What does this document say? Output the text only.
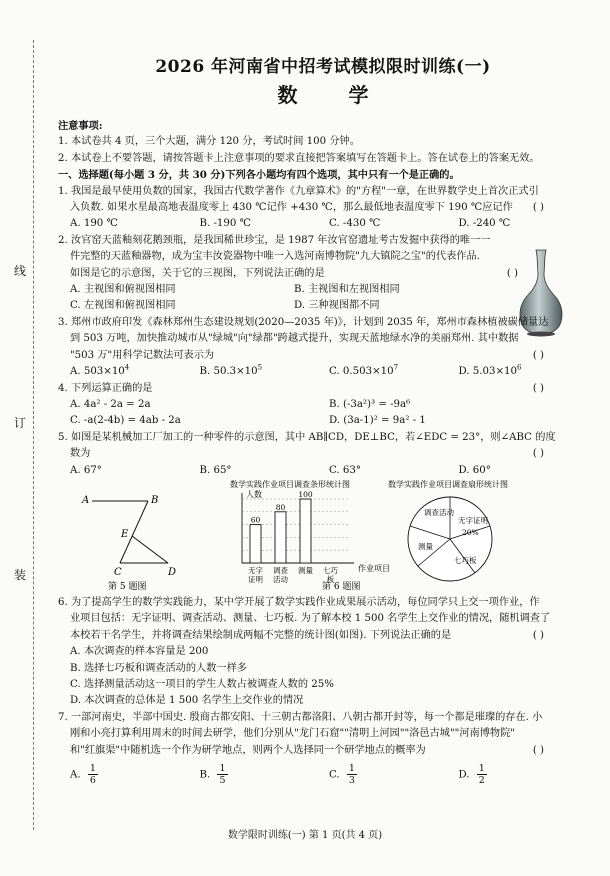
线
订
装
2026 年河南省中招考试模拟限时训练(一)
数 学
注意事项:
1. 本试卷共 4 页，三个大题，满分 120 分，考试时间 100 分钟。
2. 本试卷上不要答题，请按答题卡上注意事项的要求直接把答案填写在答题卡上。答在试卷上的答案无效。
一、选择题(每小题 3 分，共 30 分)下列各小题均有四个选项，其中只有一个是正确的。
1. 我国是最早使用负数的国家，我国古代数学著作《九章算术》的"方程"一章，在世界数学史上首次正式引
入负数. 如果水星最高地表温度零上 430 ℃记作 +430 ℃，那么最低地表温度零下 190 ℃应记作 ( )
A. 190 ℃	B. -190 ℃	C. -430 ℃	D. -240 ℃
2. 汝官窑天蓝釉刻花鹅颈瓶，是我国稀世珍宝，是 1987 年汝官窑遗址考古发掘中获得的唯一一
件完整的天蓝釉器物，成为宝丰汝瓷器物中唯一入选河南博物院"九大镇院之宝"的代表作品.
如图是它的示意图，关于它的三视图，下列说法正确的是	( )
A. 主视图和俯视图相同	B. 主视图和左视图相同
C. 左视图和俯视图相同	D. 三种视图都不同
3. 郑州市政府印发《森林郑州生态建设规划(2020—2035 年)》，计划到 2035 年，郑州市森林植被碳储量达
到 503 万吨，加快推动城市从"绿城"向"绿都"跨越式提升，实现天蓝地绿水净的美丽郑州. 其中数据
"503 万"用科学记数法可表示为	( )
A. $503\times 10^4$	B. $50.3\times 10^5$	C. $0.503\times 10^7$	D. $5.03\times 10^6$
4. 下列运算正确的是	( )
A. 4a² - 2a = 2a	B. (-3a²)³ = -9a⁶
C. -a(2-4b) = 4ab - 2a	D. (3a-1)² = 9a² - 1
5. 如图是某机械加工厂加工的一种零件的示意图，其中 AB∥CD，DE⊥BC，若∠EDC = 23°，则∠ABC 的度
数为	( )
A. 67°	B. 65°	C. 63°	D. 60°
A	B
E
C	D
第 5 题图
数学实践作业项目调查条形统计图
人数
作业项目
60
无字证明
80
调查活动
100
测量 七巧板
数学实践作业项目调查扇形统计图
调查活动
无字证明
20%
测量
七巧板
第 6 题图
6. 为了提高学生的数学实践能力，某中学开展了数学实践作业成果展示活动，每位同学只上交一项作业，作
业项目包括：无字证明、调查活动、测量、七巧板. 为了解本校 1 500 名学生上交作业的情况，随机调查了
本校若干名学生，并将调查结果绘制成两幅不完整的统计图(如图). 下列说法正确的是	( )
A. 本次调查的样本容量是 200
B. 选择七巧板和调查活动的人数一样多
C. 选择测量活动这一项目的学生人数占被调查人数的 25%
D. 本次调查的总体是 1 500 名学生上交作业的情况
7. 一部河南史，半部中国史. 殷商古都安阳、十三朝古都洛阳、八朝古都开封等，每一个都是璀璨的存在. 小
刚和小亮打算利用周末的时间去研学，他们分别从"龙门石窟""清明上河园""洛邑古城""河南博物院"
和"红旗渠"中随机选一个作为研学地点，则两个人选择同一个研学地点的概率为	( )
A. $\frac{1}{6}$	B. $\frac{1}{5}$	C. $\frac{1}{3}$	D. $\frac{1}{2}$
数学限时训练(一) 第 1 页(共 4 页)
